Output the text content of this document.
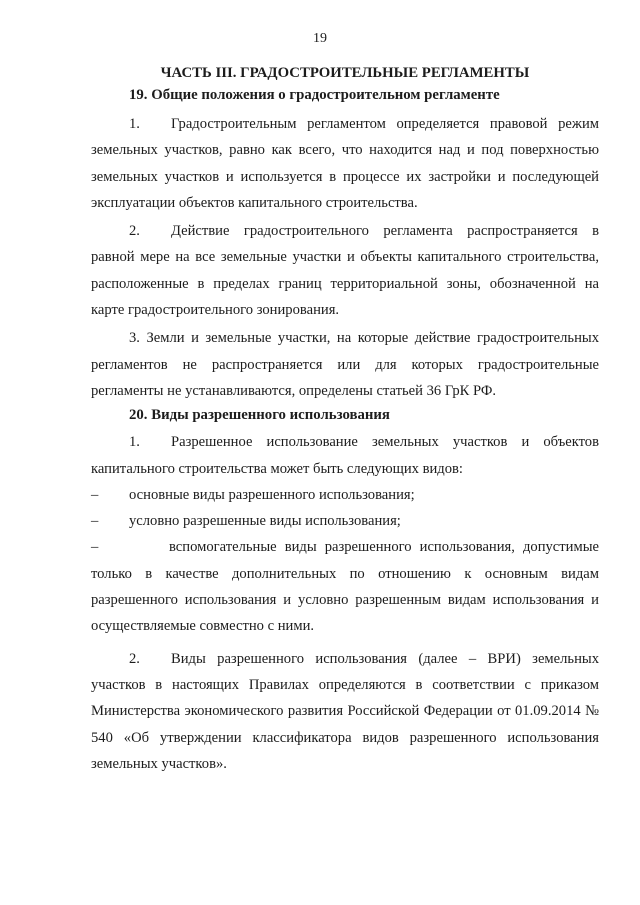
19

ЧАСТЬ III. ГРАДОСТРОИТЕЛЬНЫЕ РЕГЛАМЕНТЫ

19. Общие положения о градостроительном регламенте

1. Градостроительным регламентом определяется правовой режим земельных участков, равно как всего, что находится над и под поверхностью земельных участков и используется в процессе их застройки и последующей эксплуатации объектов капитального строительства.

2. Действие градостроительного регламента распространяется в равной мере на все земельные участки и объекты капитального строительства, расположенные в пределах границ территориальной зоны, обозначенной на карте градостроительного зонирования.

3. Земли и земельные участки, на которые действие градостроительных регламентов не распространяется или для которых градостроительные регламенты не устанавливаются, определены статьей 36 ГрК РФ.

20. Виды разрешенного использования

1. Разрешенное использование земельных участков и объектов капитального строительства может быть следующих видов:

– основные виды разрешенного использования;

– условно разрешенные виды использования;

–	вспомогательные виды разрешенного использования, допустимые только в качестве дополнительных по отношению к основным видам разрешенного использования и условно разрешенным видам использования и осуществляемые совместно с ними.

2. Виды разрешенного использования (далее – ВРИ) земельных участков в настоящих Правилах определяются в соответствии с приказом Министерства экономического развития Российской Федерации от 01.09.2014 № 540 «Об утверждении классификатора видов разрешенного использования земельных участков».
